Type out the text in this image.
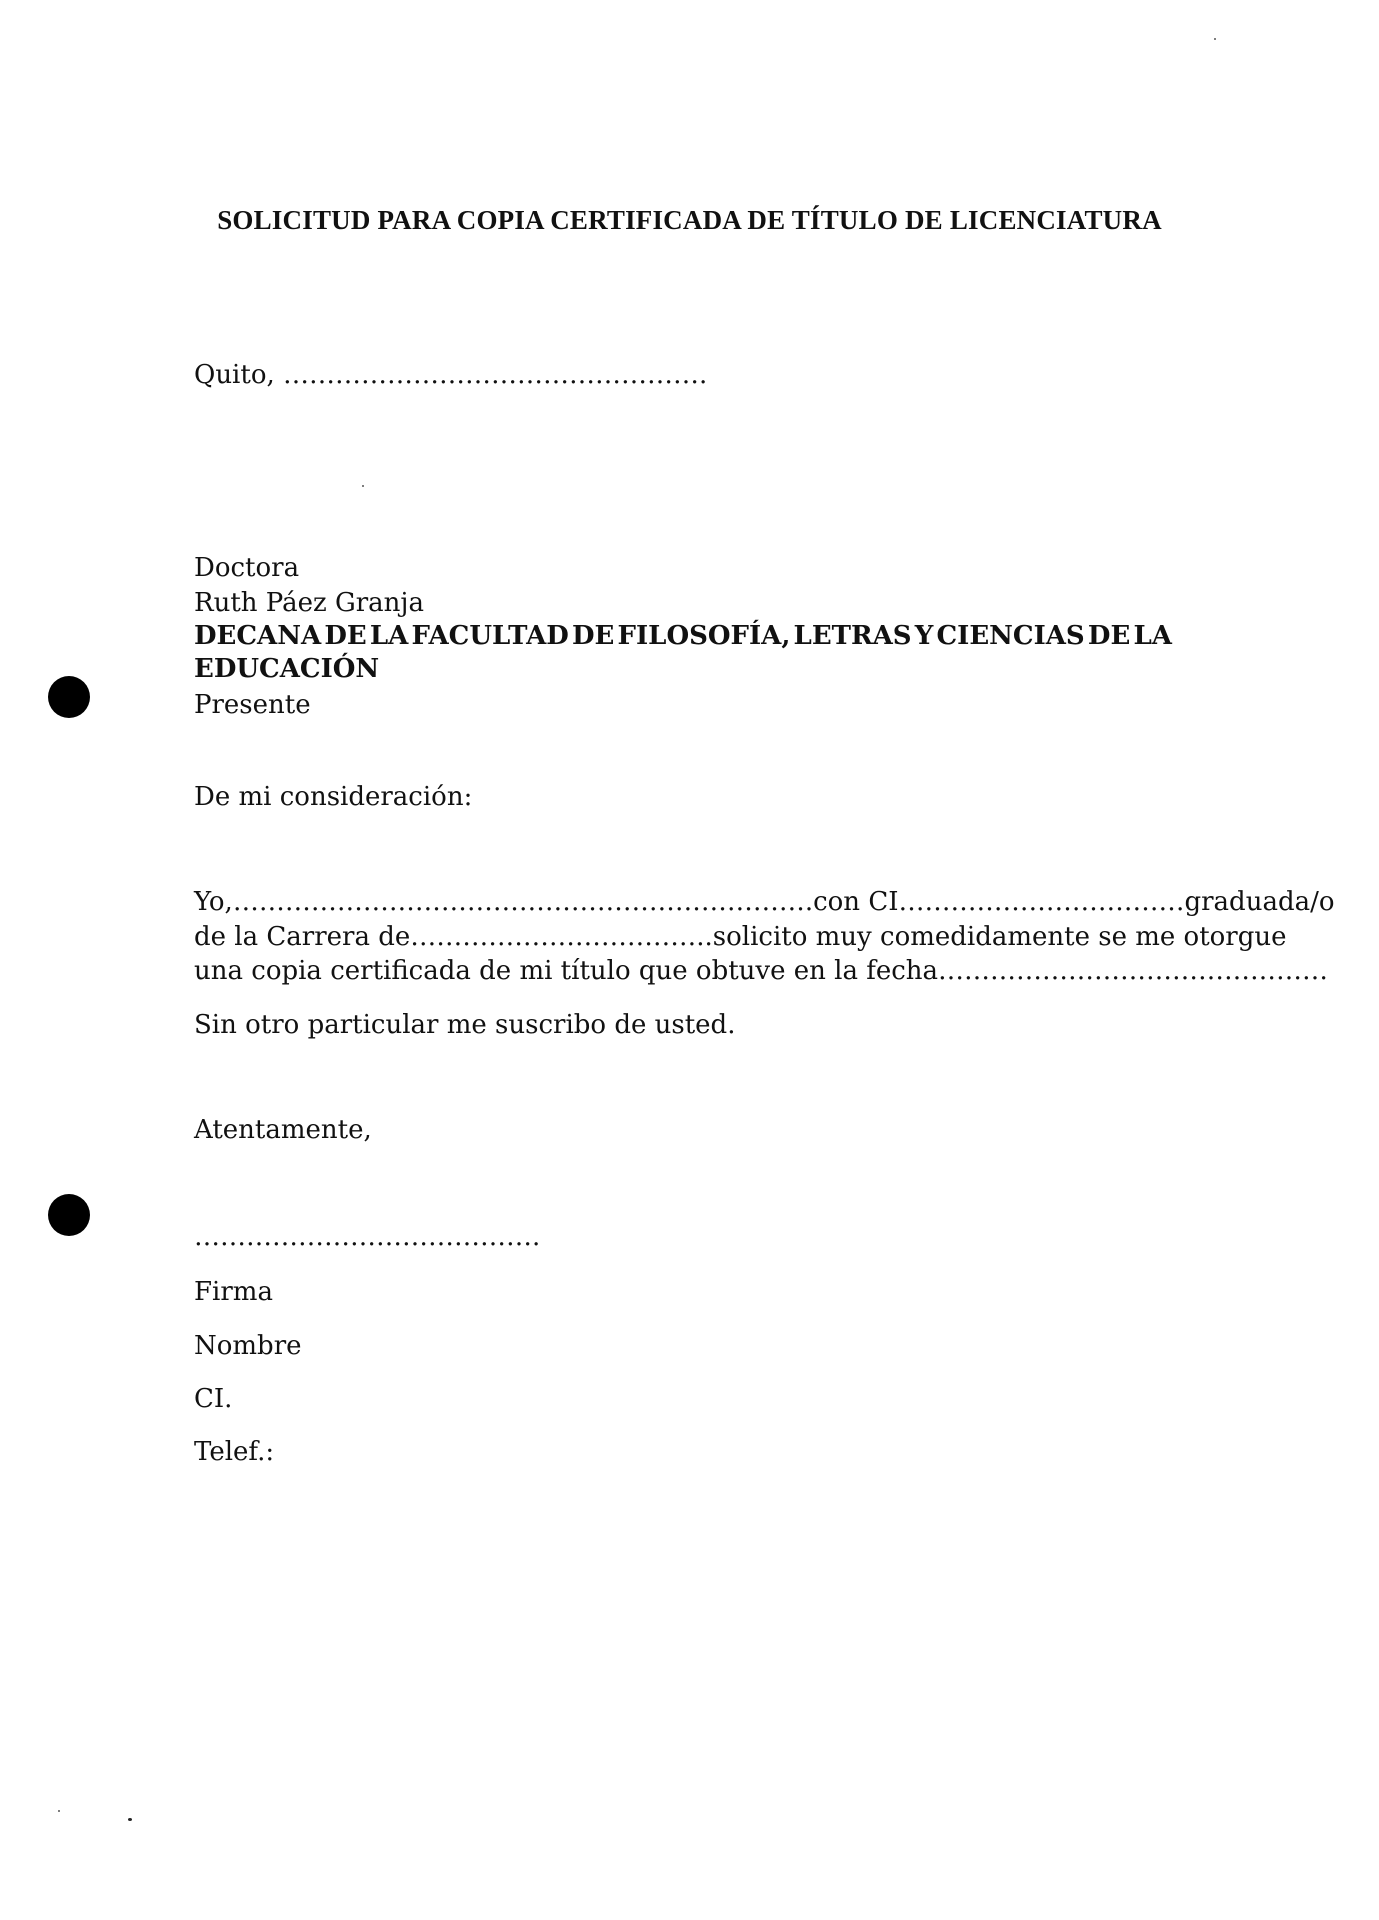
SOLICITUD PARA COPIA CERTIFICADA DE TÍTULO DE LICENCIATURA
Quito, ………………………………………….
Doctora
Ruth Páez Granja
DECANA DE LA FACULTAD DE FILOSOFÍA, LETRAS Y CIENCIAS DE LA
EDUCACIÓN
Presente
De mi consideración:
Yo,…………………………………………………………. con CI…………………………… graduada/o
de la Carrera de…………………………….. solicito muy comedidamente se me otorgue
una copia certificada de mi título que obtuve en la fecha………………………………………
Sin otro particular me suscribo de usted.
Atentamente,
………………………………….
Firma
Nombre
CI.
Telef.:
